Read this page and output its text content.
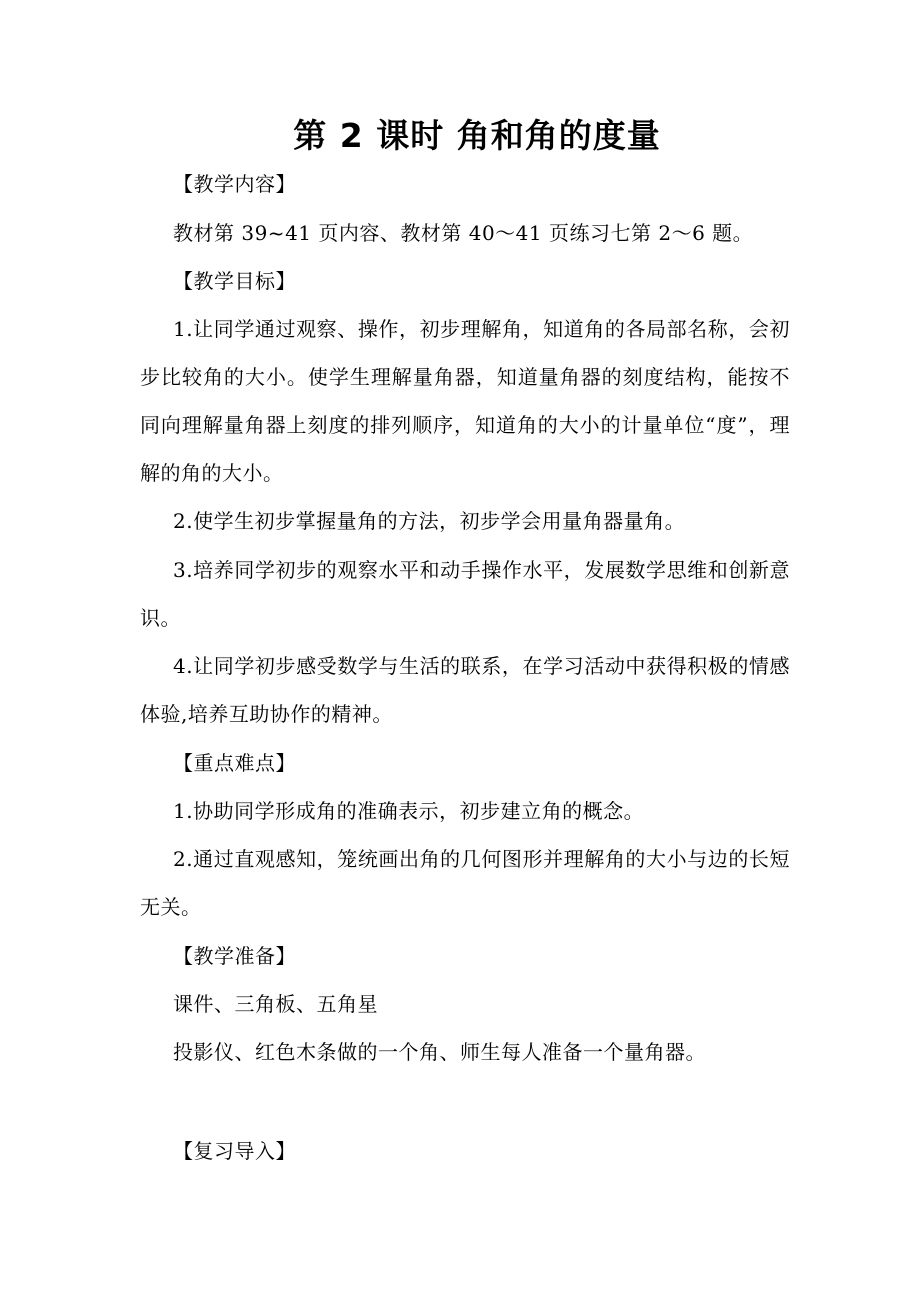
第 2 课时 角和角的度量
【教学内容】
教材第 39~41 页内容、教材第 40～41 页练习七第 2～6 题。
【教学目标】

1.让同学通过观察、操作，初步理解角，知道角的各局部名称，会初步比较角的大小。使学生理解量角器，知道量角器的刻度结构，能按不同向理解量角器上刻度的排列顺序，知道角的大小的计量单位“度”，理解的角的大小。

2.使学生初步掌握量角的方法，初步学会用量角器量角。

3.培养同学初步的观察水平和动手操作水平，发展数学思维和创新意识。

4.让同学初步感受数学与生活的联系，在学习活动中获得积极的情感体验,培养互助协作的精神。

【重点难点】

1.协助同学形成角的准确表示，初步建立角的概念。

2.通过直观感知，笼统画出角的几何图形并理解角的大小与边的长短无关。

【教学准备】

课件、三角板、五角星

投影仪、红色木条做的一个角、师生每人准备一个量角器。

【复习导入】
